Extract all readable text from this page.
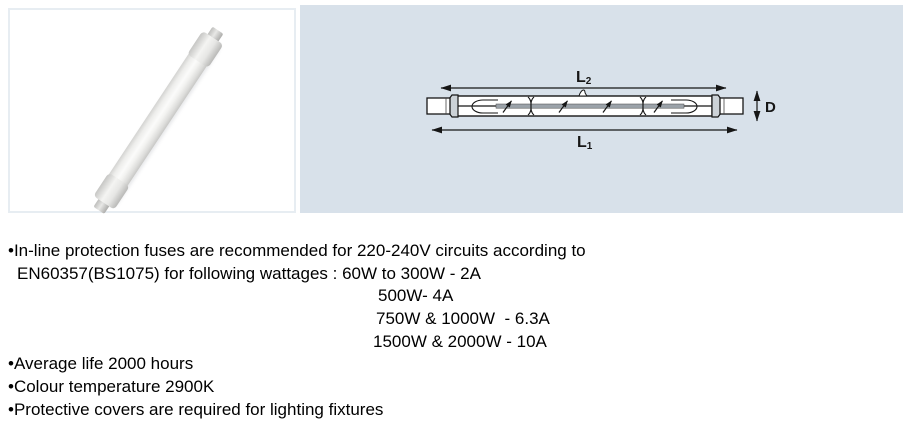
L2
L1
D
•In-line protection fuses are recommended for 220-240V circuits according to
EN60357(BS1075) for following wattages : 60W to 300W - 2A
500W- 4A
750W & 1000W  - 6.3A
1500W & 2000W - 10A
•Average life 2000 hours
•Colour temperature 2900K
•Protective covers are required for lighting fixtures
